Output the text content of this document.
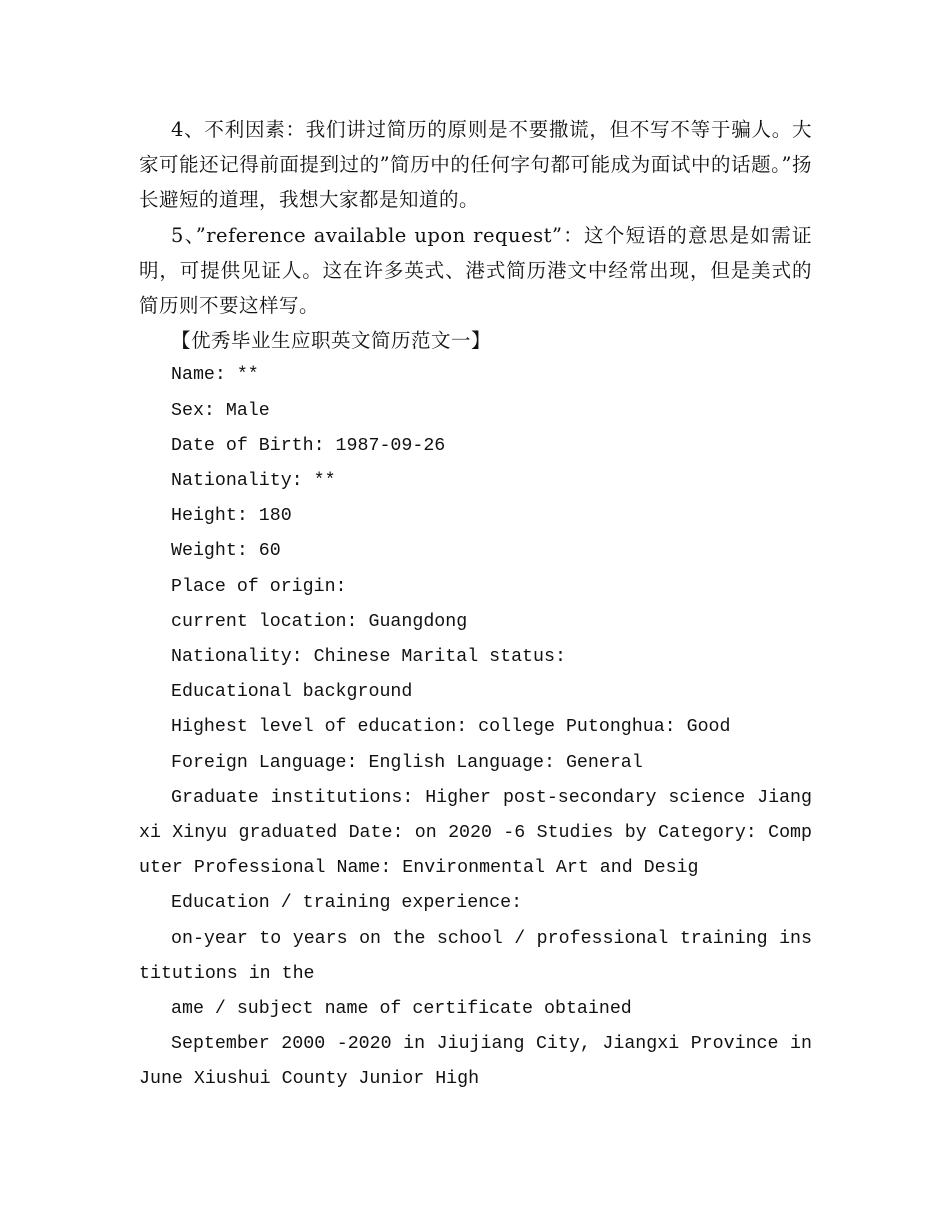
4、不利因素：我们讲过简历的原则是不要撒谎，但不写不等于骗人。大家可能还记得前面提到过的”简历中的任何字句都可能成为面试中的话题。”扬长避短的道理，我想大家都是知道的。

5、”reference available upon request”：这个短语的意思是如需证明，可提供见证人。这在许多英式、港式简历港文中经常出现，但是美式的简历则不要这样写。

【优秀毕业生应职英文简历范文一】

Name: **

Sex: Male

Date of Birth: 1987-09-26

Nationality: **

Height: 180

Weight: 60

Place of origin:

current location: Guangdong

Nationality: Chinese Marital status:

Educational background

Highest level of education: college Putonghua: Good

Foreign Language: English Language: General

Graduate institutions: Higher post-secondary science Jiangxi Xinyu graduated Date: on 2020 -6 Studies by Category: Computer Professional Name: Environmental Art and Desig

Education / training experience:

on-year to years on the school / professional training institutions in the

ame / subject name of certificate obtained

September 2000 -2020 in Jiujiang City, Jiangxi Province in June Xiushui County Junior High
